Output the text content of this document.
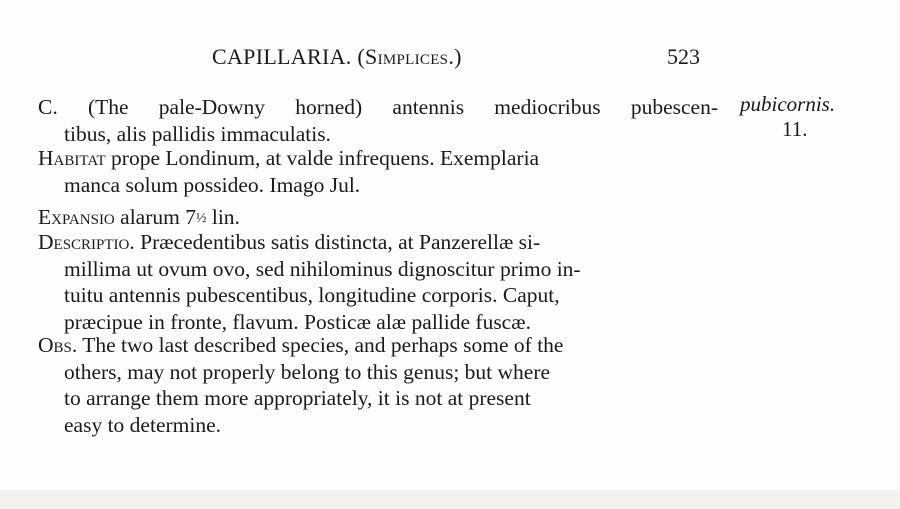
CAPILLARIA. (Simplices.)	523
pubicornis.
11.
C. (The pale-Downy horned) antennis mediocribus pubescen-
tibus, alis pallidis immaculatis.
Habitat prope Londinum, at valde infrequens. Exemplaria
manca solum possideo. Imago Jul.
Expansio alarum 7½ lin.
Descriptio. Præcedentibus satis distincta, at Panzerellæ si-
millima ut ovum ovo, sed nihilominus dignoscitur primo in-
tuitu antennis pubescentibus, longitudine corporis. Caput,
præcipue in fronte, flavum. Posticæ alæ pallide fuscæ.
Obs. The two last described species, and perhaps some of the
others, may not properly belong to this genus; but where
to arrange them more appropriately, it is not at present
easy to determine.
